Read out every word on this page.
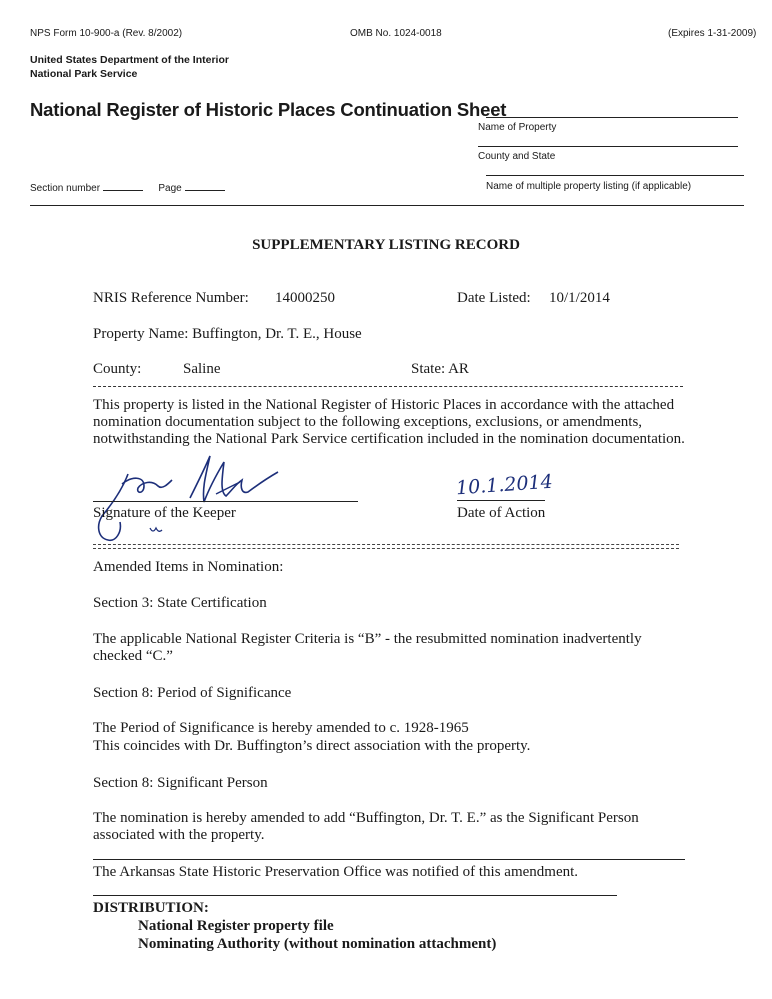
NPS Form 10-900-a (Rev. 8/2002)	OMB No. 1024-0018	(Expires 1-31-2009)
United States Department of the Interior
National Park Service
National Register of Historic Places Continuation Sheet
Name of Property
County and State
Section number	Page	Name of multiple property listing (if applicable)
SUPPLEMENTARY LISTING RECORD
NRIS Reference Number: 14000250	Date Listed: 10/1/2014
Property Name: Buffington, Dr. T. E., House
County:	Saline	State: AR
This property is listed in the National Register of Historic Places in accordance with the attached nomination documentation subject to the following exceptions, exclusions, or amendments, notwithstanding the National Park Service certification included in the nomination documentation.
Signature of the Keeper
10.1.2014
Date of Action
Amended Items in Nomination:
Section 3: State Certification
The applicable National Register Criteria is “B” - the resubmitted nomination inadvertently checked “C.”
Section 8: Period of Significance
The Period of Significance is hereby amended to c. 1928-1965
This coincides with Dr. Buffington’s direct association with the property.
Section 8: Significant Person
The nomination is hereby amended to add “Buffington, Dr. T. E.” as the Significant Person associated with the property.
The Arkansas State Historic Preservation Office was notified of this amendment.
DISTRIBUTION:
National Register property file
Nominating Authority (without nomination attachment)
